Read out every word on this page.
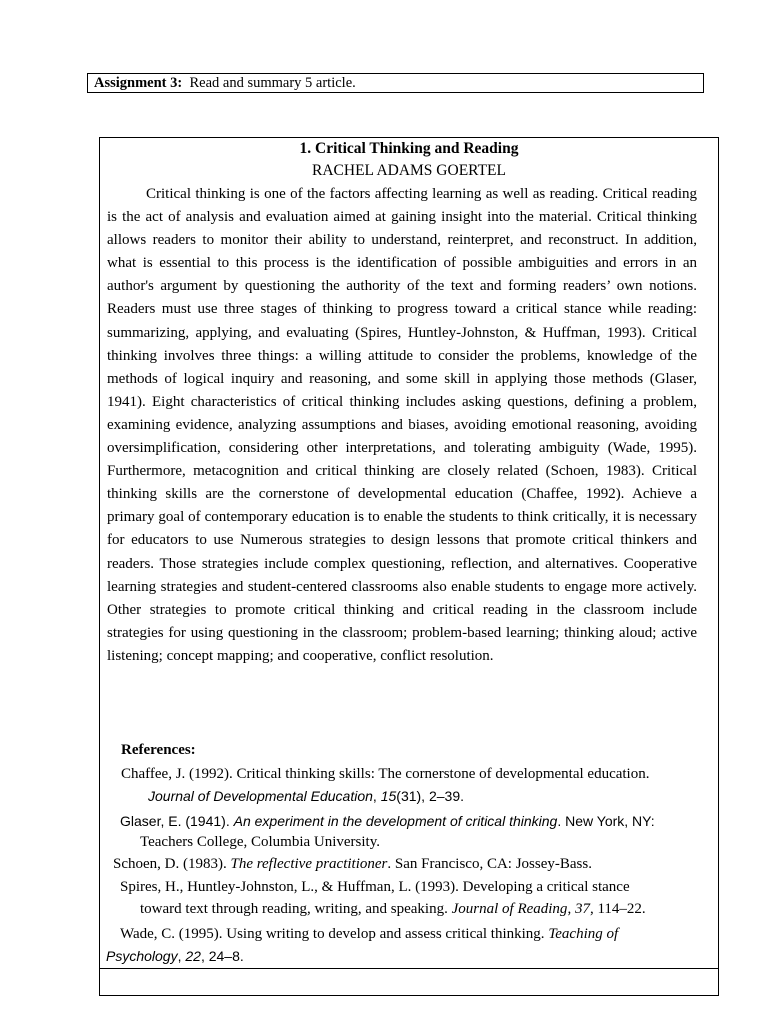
Assignment 3: Read and summary 5 article.
1. Critical Thinking and Reading
RACHEL ADAMS GOERTEL

Critical thinking is one of the factors affecting learning as well as reading. Critical reading is the act of analysis and evaluation aimed at gaining insight into the material. Critical thinking allows readers to monitor their ability to understand, reinterpret, and reconstruct. In addition, what is essential to this process is the identification of possible ambiguities and errors in an author's argument by questioning the authority of the text and forming readers’ own notions. Readers must use three stages of thinking to progress toward a critical stance while reading: summarizing, applying, and evaluating (Spires, Huntley-Johnston, & Huffman, 1993). Critical thinking involves three things: a willing attitude to consider the problems, knowledge of the methods of logical inquiry and reasoning, and some skill in applying those methods (Glaser, 1941). Eight characteristics of critical thinking includes asking questions, defining a problem, examining evidence, analyzing assumptions and biases, avoiding emotional reasoning, avoiding oversimplification, considering other interpretations, and tolerating ambiguity (Wade, 1995). Furthermore, metacognition and critical thinking are closely related (Schoen, 1983). Critical thinking skills are the cornerstone of developmental education (Chaffee, 1992). Achieve a primary goal of contemporary education is to enable the students to think critically, it is necessary for educators to use Numerous strategies to design lessons that promote critical thinkers and readers. Those strategies include complex questioning, reflection, and alternatives. Cooperative learning strategies and student-centered classrooms also enable students to engage more actively. Other strategies to promote critical thinking and critical reading in the classroom include strategies for using questioning in the classroom; problem-based learning; thinking aloud; active listening; concept mapping; and cooperative, conflict resolution.

References:
Chaffee, J. (1992). Critical thinking skills: The cornerstone of developmental education.
Journal of Developmental Education, 15(31), 2–39.
Glaser, E. (1941). An experiment in the development of critical thinking. New York, NY:
Teachers College, Columbia University.
Schoen, D. (1983). The reflective practitioner. San Francisco, CA: Jossey-Bass.
Spires, H., Huntley-Johnston, L., & Huffman, L. (1993). Developing a critical stance
toward text through reading, writing, and speaking. Journal of Reading, 37, 114–22.
Wade, C. (1995). Using writing to develop and assess critical thinking. Teaching of
Psychology, 22, 24–8.
